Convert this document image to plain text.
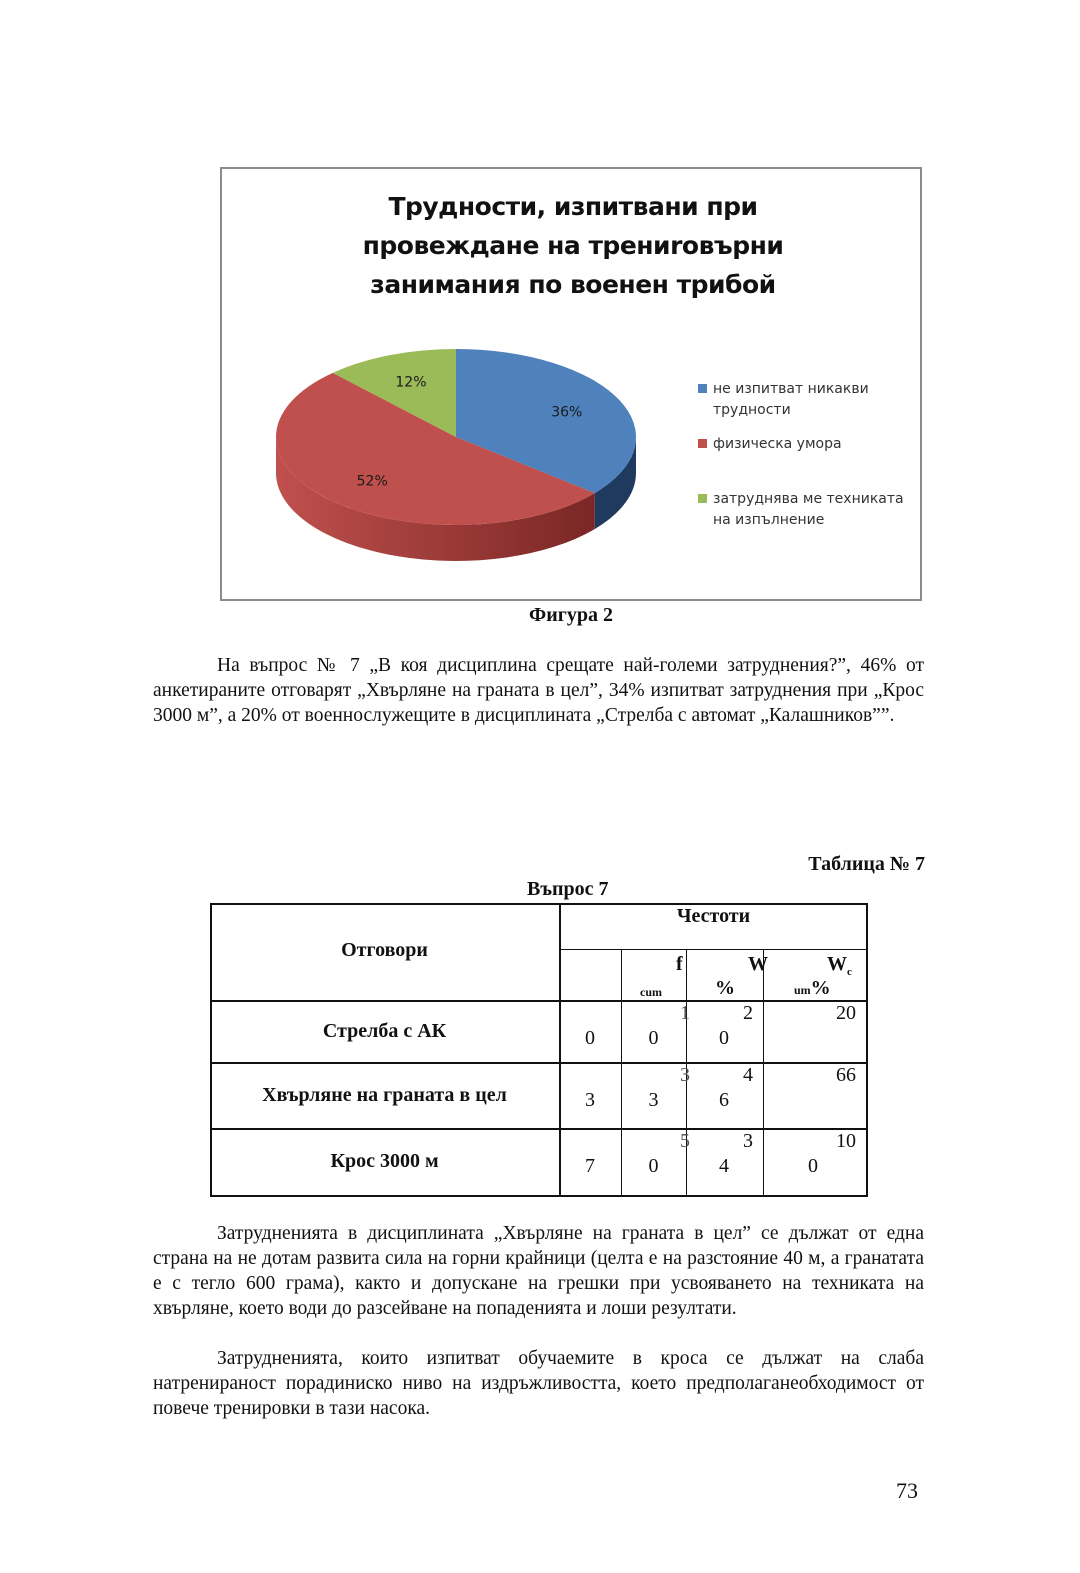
Трудности, изпитвани при
провеждане на трениrовърни
занимания по военен трибой
36%
52%
12%	не изпитват никакви
трудности
физическа умора
затруднява ме техниката
на изпълнение
Фигура 2
На въпрос № 7 „В коя дисциплина срещате най-големи затруднения?”, 46% от анкетираните отговарят „Хвърляне на граната в цел”, 34% изпитват затруднения при „Крос 3000 м”, а 20% от военнослужещите в дисциплината „Стрелба с автомат „Калашников””.
Таблица № 7
Въпрос 7
Отговори
Честоти
f
cum
W
%
$W_c$
um%
Стрелба с АК
Хвърляне на граната в цел
Крос 3000 м
0
1
0
2
0
20
3
3
3
4
6
66
7
5
0
3
4
10
0
Затрудненията в дисциплината „Хвърляне на граната в цел” се дължат от една страна на не дотам развита сила на горни крайници (целта е на разстояние 40 м, а гранатата е с тегло 600 грама), както и допускане на грешки при усвояването на техниката на хвърляне, което води до разсейване на попаденията и лоши резултати.
Затрудненията, които изпитват обучаемите в кроса се дължат на слаба натренираност порадиниско ниво на издръжливостта, което предполаганеобходимост от повече тренировки в тази насока.
73
